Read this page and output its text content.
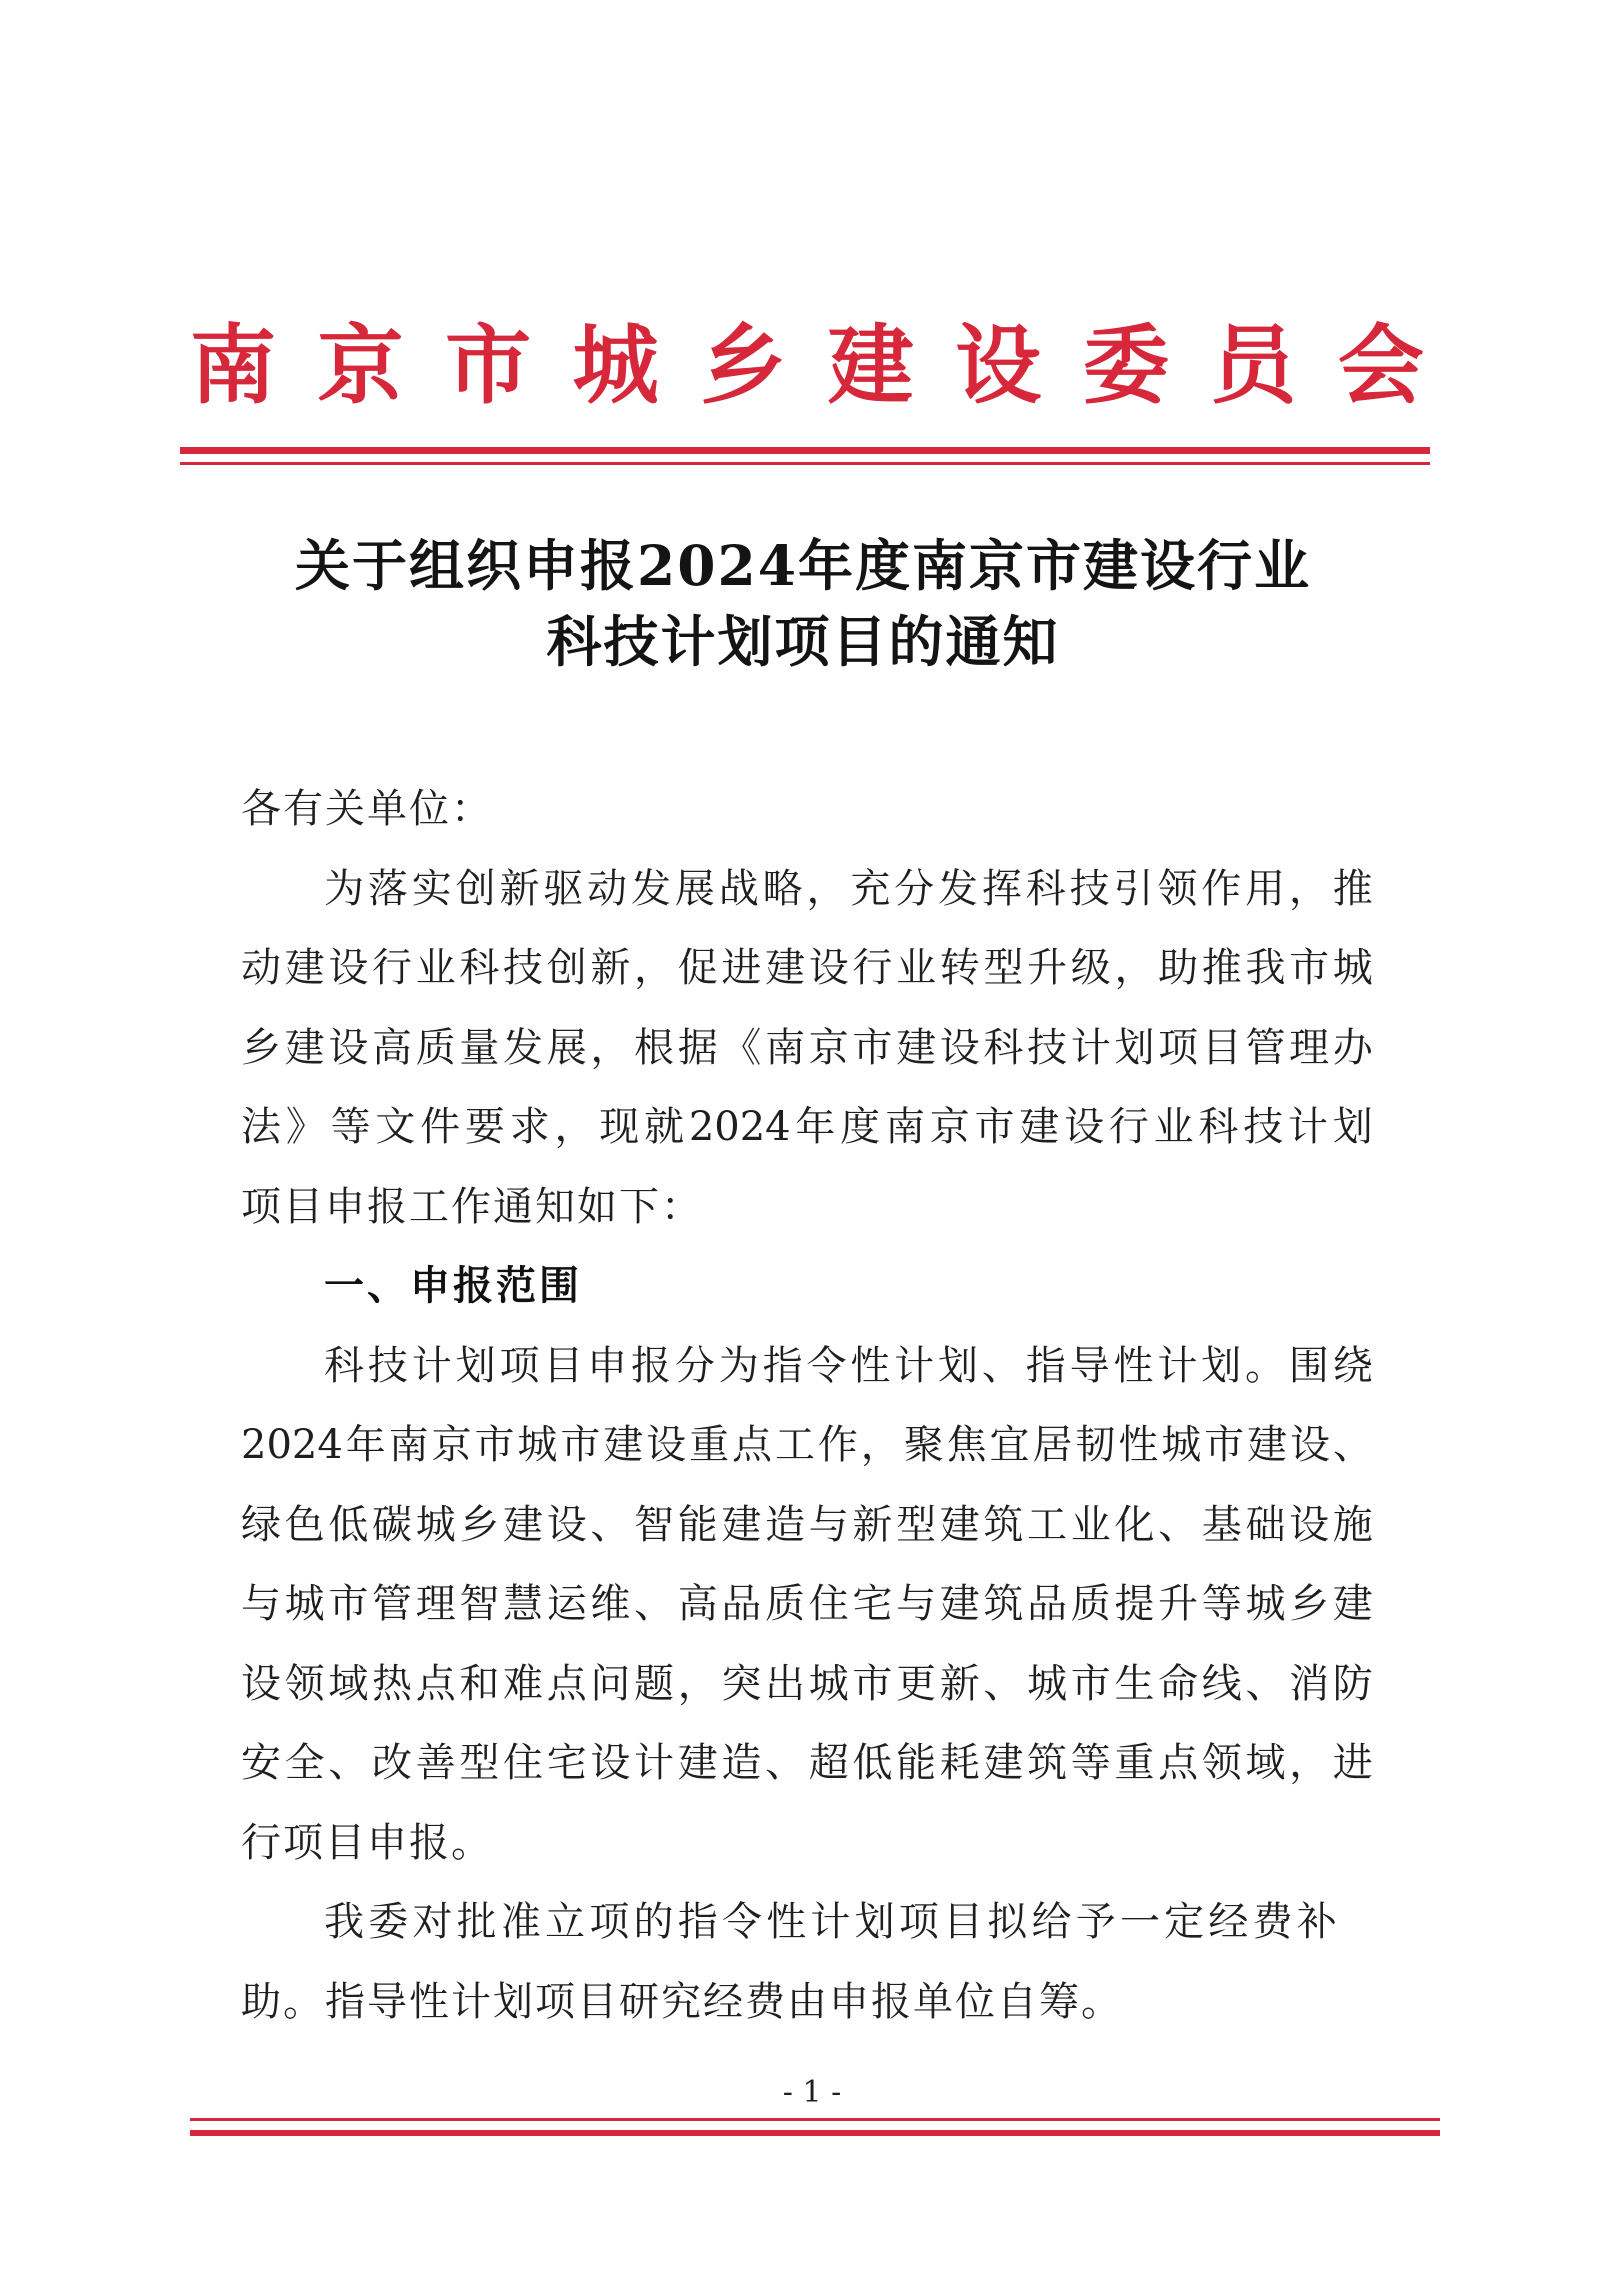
南 京 市 城 乡 建 设 委 员 会
关于组织申报2024年度南京市建设行业
科技计划项目的通知
各有关单位：
为 落 实 创 新 驱 动 发 展 战 略 ， 充 分 发 挥 科 技 引 领 作 用 ， 推
动 建 设 行 业 科 技 创 新 ， 促 进 建 设 行 业 转 型 升 级 ， 助 推 我 市 城
乡 建 设 高 质 量 发 展 ， 根 据 《 南 京 市 建 设 科 技 计 划 项 目 管 理 办
法 》 等 文 件 要 求 ， 现 就 2024 年 度 南 京 市 建 设 行 业 科 技 计 划
项目申报工作通知如下：
一、申报范围
科 技 计 划 项 目 申 报 分 为 指 令 性 计 划 、 指 导 性 计 划 。 围 绕
2024 年 南 京 市 城 市 建 设 重 点 工 作 ， 聚 焦 宜 居 韧 性 城 市 建 设 、
绿 色 低 碳 城 乡 建 设 、 智 能 建 造 与 新 型 建 筑 工 业 化 、 基 础 设 施
与 城 市 管 理 智 慧 运 维 、 高 品 质 住 宅 与 建 筑 品 质 提 升 等 城 乡 建
设 领 域 热 点 和 难 点 问 题 ， 突 出 城 市 更 新 、 城 市 生 命 线 、 消 防
安 全 、 改 善 型 住 宅 设 计 建 造 、 超 低 能 耗 建 筑 等 重 点 领 域 ， 进
行项目申报。
我 委 对 批 准 立 项 的 指 令 性 计 划 项 目 拟 给 予 一 定 经 费 补
助。指导性计划项目研究经费由申报单位自筹。
- 1 -
